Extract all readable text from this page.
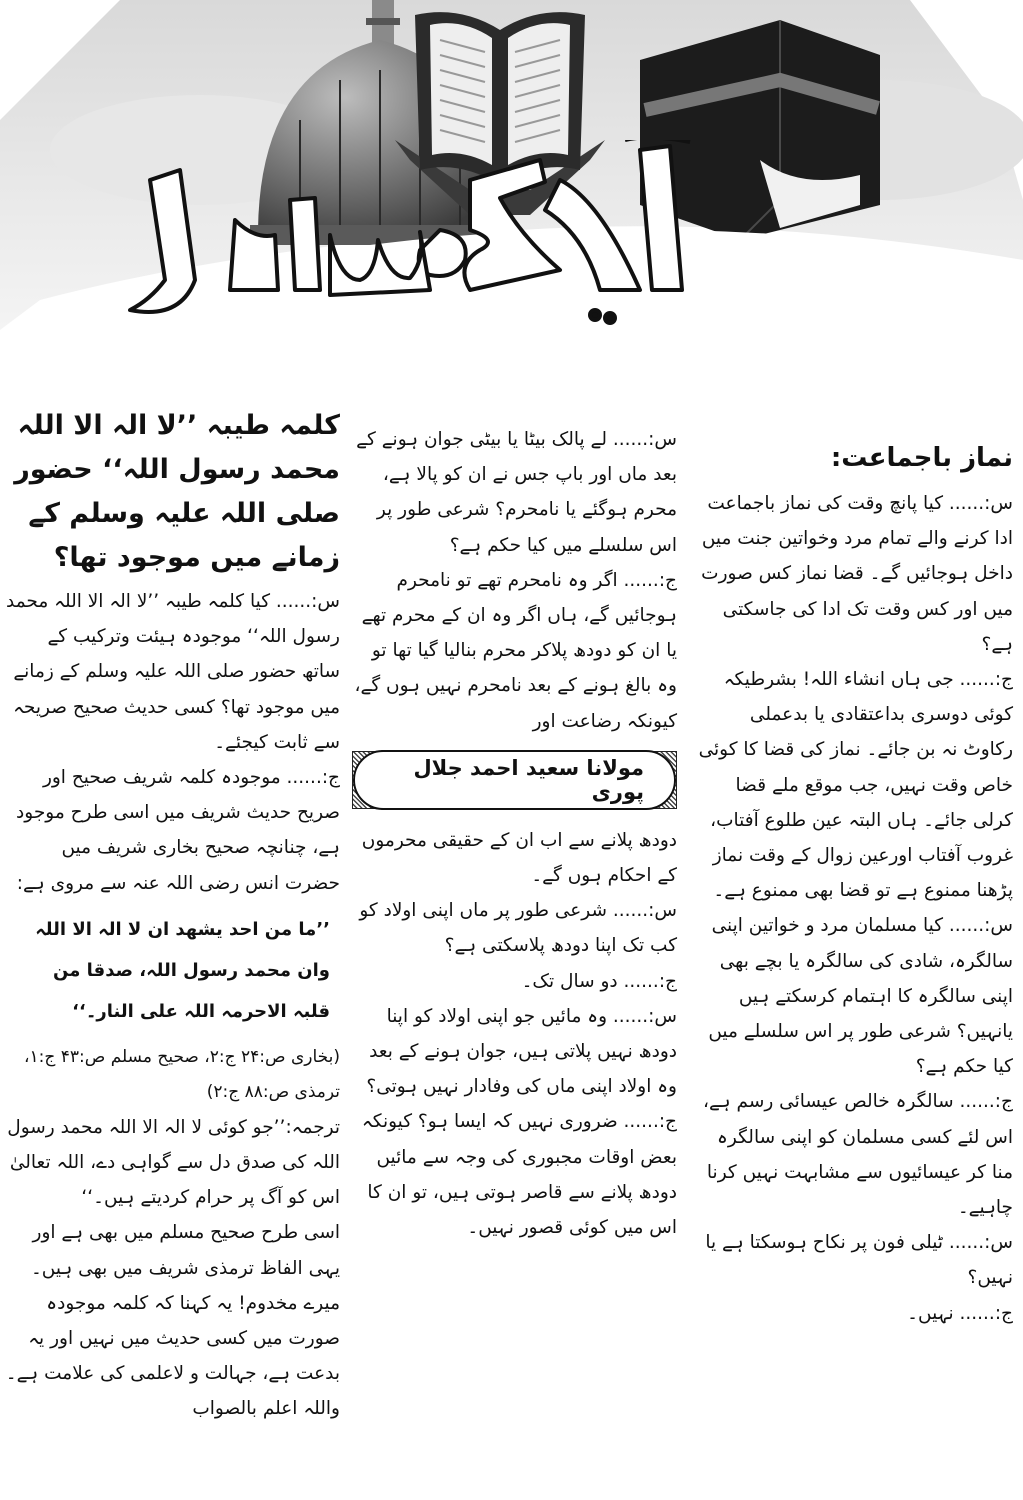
نماز باجماعت:

س:...... کیا پانچ وقت کی نماز باجماعت ادا کرنے والے تمام مرد وخواتین جنت میں داخل ہوجائیں گے۔ قضا نماز کس صورت میں اور کس وقت تک ادا کی جاسکتی ہے؟

ج:...... جی ہاں انشاء اللہ! بشرطیکہ کوئی دوسری بداعتقادی یا بدعملی رکاوٹ نہ بن جائے۔ نماز کی قضا کا کوئی خاص وقت نہیں، جب موقع ملے قضا کرلی جائے۔ ہاں البتہ عین طلوع آفتاب، غروب آفتاب اورعین زوال کے وقت نماز پڑھنا ممنوع ہے تو قضا بھی ممنوع ہے۔

س:...... کیا مسلمان مرد و خواتین اپنی سالگرہ، شادی کی سالگرہ یا بچے بھی اپنی سالگرہ کا اہتمام کرسکتے ہیں یانہیں؟ شرعی طور پر اس سلسلے میں کیا حکم ہے؟

ج:...... سالگرہ خالص عیسائی رسم ہے، اس لئے کسی مسلمان کو اپنی سالگرہ منا کر عیسائیوں سے مشابہت نہیں کرنا چاہیے۔

س:...... ٹیلی فون پر نکاح ہوسکتا ہے یا نہیں؟

ج:...... نہیں۔

س:...... لے پالک بیٹا یا بیٹی جوان ہونے کے بعد ماں اور باپ جس نے ان کو پالا ہے، محرم ہوگئے یا نامحرم؟ شرعی طور پر اس سلسلے میں کیا حکم ہے؟

ج:...... اگر وہ نامحرم تھے تو نامحرم ہوجائیں گے، ہاں اگر وہ ان کے محرم تھے یا ان کو دودھ پلاکر محرم بنالیا گیا تھا تو وہ بالغ ہونے کے بعد نامحرم نہیں ہوں گے، کیونکہ رضاعت اور

مولانا سعید احمد جلال پوری

دودھ پلانے سے اب ان کے حقیقی محرموں کے احکام ہوں گے۔

س:...... شرعی طور پر ماں اپنی اولاد کو کب تک اپنا دودھ پلاسکتی ہے؟

ج:...... دو سال تک۔

س:...... وہ مائیں جو اپنی اولاد کو اپنا دودھ نہیں پلاتی ہیں، جوان ہونے کے بعد وہ اولاد اپنی ماں کی وفادار نہیں ہوتی؟

ج:...... ضروری نہیں کہ ایسا ہو؟ کیونکہ بعض اوقات مجبوری کی وجہ سے مائیں دودھ پلانے سے قاصر ہوتی ہیں، تو ان کا اس میں کوئی قصور نہیں۔

کلمہ طیبہ ’’لا الہ الا اللہ محمد رسول اللہ‘‘ حضور صلی اللہ علیہ وسلم کے زمانے میں موجود تھا؟

س:...... کیا کلمہ طیبہ ’’لا الہ الا اللہ محمد رسول اللہ‘‘ موجودہ ہیئت وترکیب کے ساتھ حضور صلی اللہ علیہ وسلم کے زمانے میں موجود تھا؟ کسی حدیث صحیح صریحہ سے ثابت کیجئے۔

ج:...... موجودہ کلمہ شریف صحیح اور صریح حدیث شریف میں اسی طرح موجود ہے، چنانچہ صحیح بخاری شریف میں حضرت انس رضی اللہ عنہ سے مروی ہے:

’’ما من احد یشھد ان لا الہ الا اللہ وان محمد رسول اللہ، صدقا من قلبہ الاحرمہ اللہ علی النار۔‘‘

(بخاری ص:۲۴ ج:۲، صحیح مسلم ص:۴۳ ج:۱، ترمذی ص:۸۸ ج:۲)

ترجمہ:’’جو کوئی لا الہ الا اللہ محمد رسول اللہ کی صدق دل سے گواہی دے، اللہ تعالیٰ اس کو آگ پر حرام کردیتے ہیں۔‘‘

اسی طرح صحیح مسلم میں بھی ہے اور یہی الفاظ ترمذی شریف میں بھی ہیں۔

میرے مخدوم! یہ کہنا کہ کلمہ موجودہ صورت میں کسی حدیث میں نہیں اور یہ بدعت ہے، جہالت و لاعلمی کی علامت ہے۔ واللہ اعلم بالصواب
